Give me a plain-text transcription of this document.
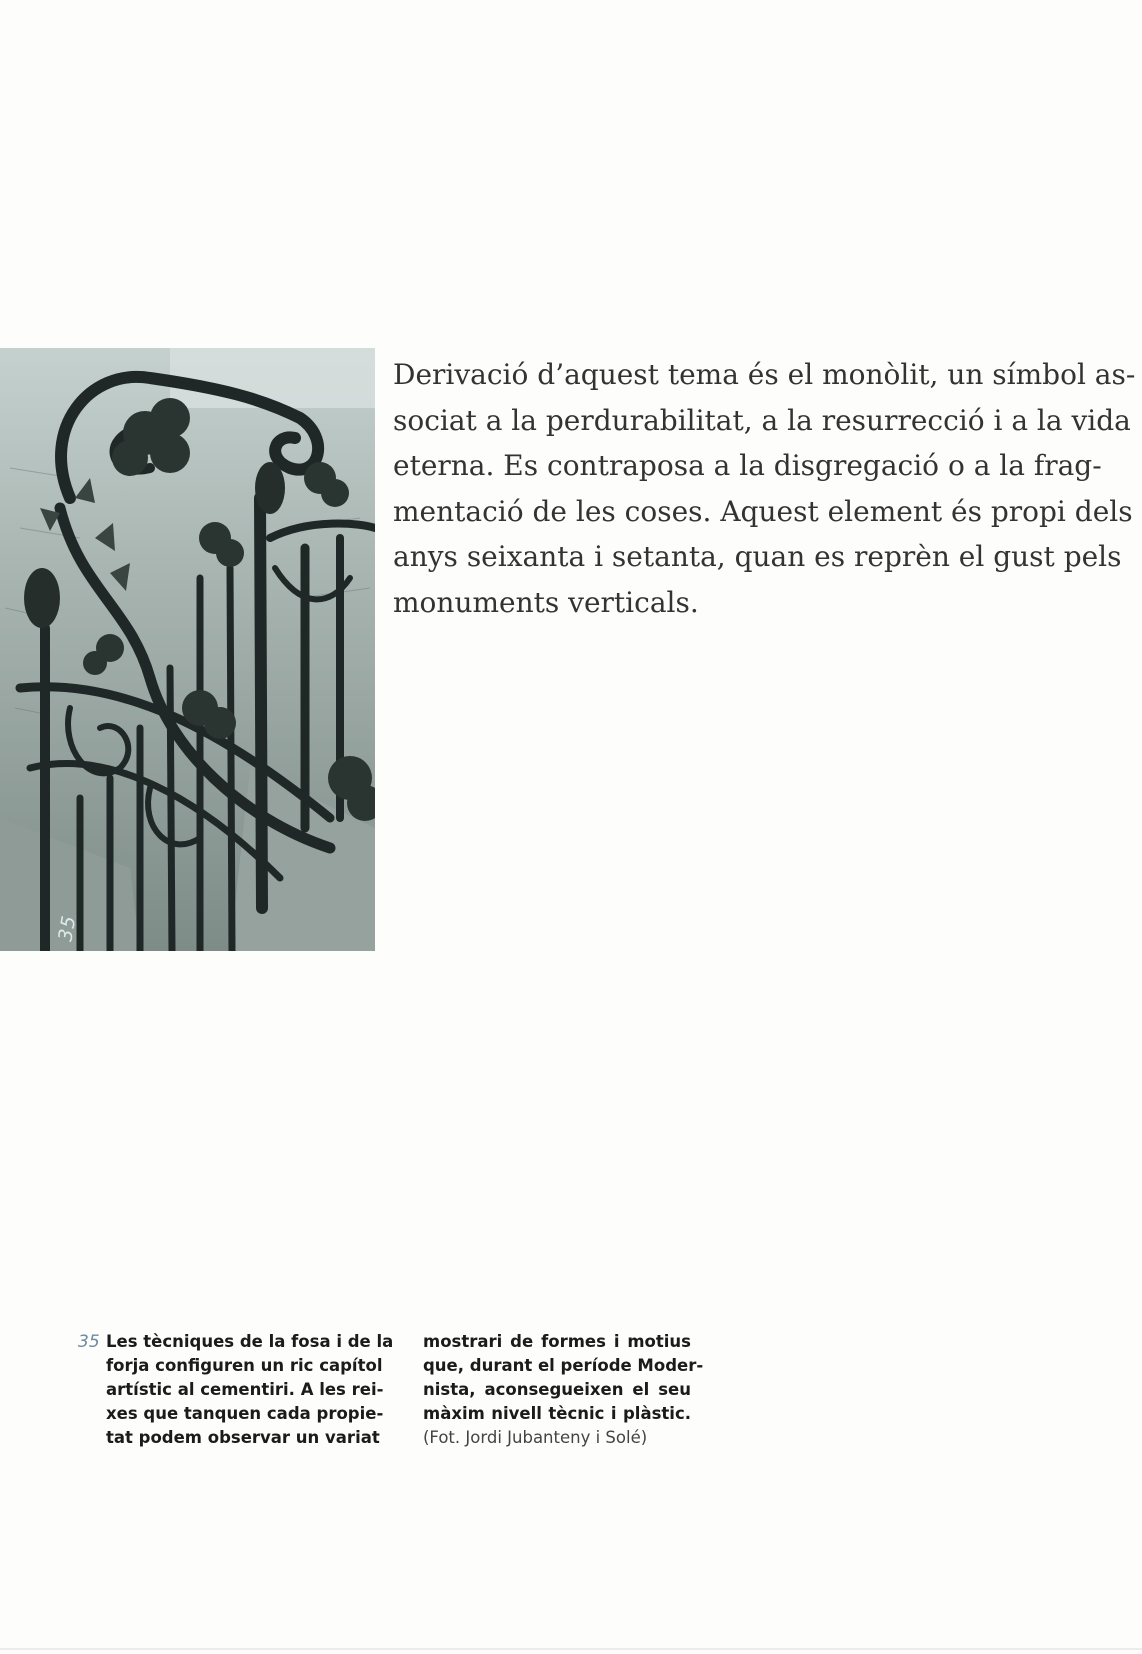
35

Derivació d’aquest tema és el monòlit, un símbol as-
sociat a la perdurabilitat, a la resurrecció i a la vida
eterna. Es contraposa a la disgregació o a la frag-
mentació de les coses. Aquest element és propi dels
anys seixanta i setanta, quan es reprèn el gust pels
monuments verticals.

35 Les tècniques de la fosa i de la
forja configuren un ric capítol
artístic al cementiri. A les rei-
xes que tanquen cada propie-
tat podem observar un variat

mostrari de formes i motius
que, durant el període Moder-
nista, aconsegueixen el seu
màxim nivell tècnic i plàstic.
(Fot. Jordi Jubanteny i Solé)
